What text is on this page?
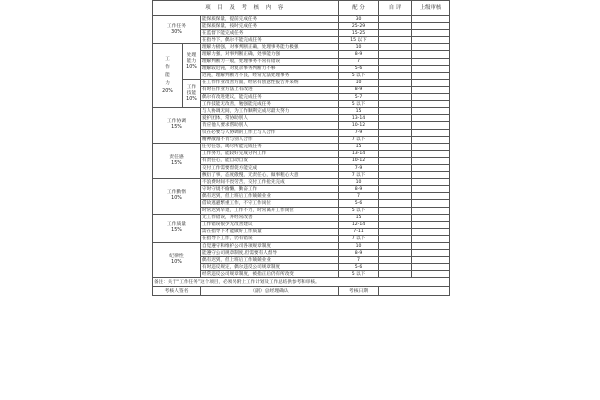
项 目 及 考 核 内 容			配 分	自 评	上级审核

工作任务
30%		能保质保量，提前完成任务	30		
		能保质保量，按时完成任务	25-29		
		在监督下能完成任务	15-25		
		在指导下，偶尔不能完成任务	15 以下		

工
作
能
力
20%	处理
能力
10%	理解力极强，对事判断正确，处理事务能力极强	10		
		理解力强，对事判断正确，处事能力强	8-9		
		理解判断力一般，处理事务不常有错误	7		
		理解较迟钝，对复杂事务判断力不够	5-6		
		迟钝，理解判断力不良，经常无法处理事务	5 以下		

	工作
技能
10%	在工作作业改善方面，经常有创意性报告并采纳	10		
		有时在作业方法上有改进	8-9		
		偶尔有改进建议，能完成任务	5-7		
		工作技能无改善，勉强能完成任务	5 以下		

工作协调
15%		与人协调无间，为工作顺利完成尽最大努力	15		
		爱护团体，常协助别人	13-14		
		肯应他人要求帮助别人	10-12		
		仅在必要与人协调的工作上与人合作	7-9		
		精神散漫不肯与别人合作	7 以下		

责任感
15%		任劳任怨，竭尽所能完成任务	15		
		工作努力，能较好完成分内工作	13-14		
		有责任心，能自动自发	10-12		
		交付工作需要督促方能完成	7-9		
		敷衍了事，态度傲慢，无责任心，做事粗心大意	7 以下		

工作勤惰
10%		不浪费时间不畏劳苦，交付工作抢先完成	10		
		守时守規不偷懒，勤奋工作	8-9		
		偶有迟到，但上班后工作兢兢业业	7		
		借故逃避繁重工作，不守工作岗位	5-6		
		时常迟到早退，工作不力，时常离开工作岗位	5 以下		

工作质量
15%		无工作错误，并经常改善	15		
		工作错误很少无改善建议	12-14		
		需在指导下才能做好工作质量	7-11		
		在指导下工作，仍有错误	7 以下		

纪律性
10%		自觉遵守和维护公司各项规章制度	10		
		能遵守公司规章制度,但需要有人督导	8-9		
		偶有迟到，但上班后工作兢兢业业	7		
		有时违反规定，偶尔违反公司规章制度	5-6		
		经常违反公司规章制度，被指正后仍有所改变	5 以下		
备注：关于“工作任务”这个项目，必须另附上工作计划及工作总结供参考和审核。					
考核人签名		（副）总经理确认	考核日期		
